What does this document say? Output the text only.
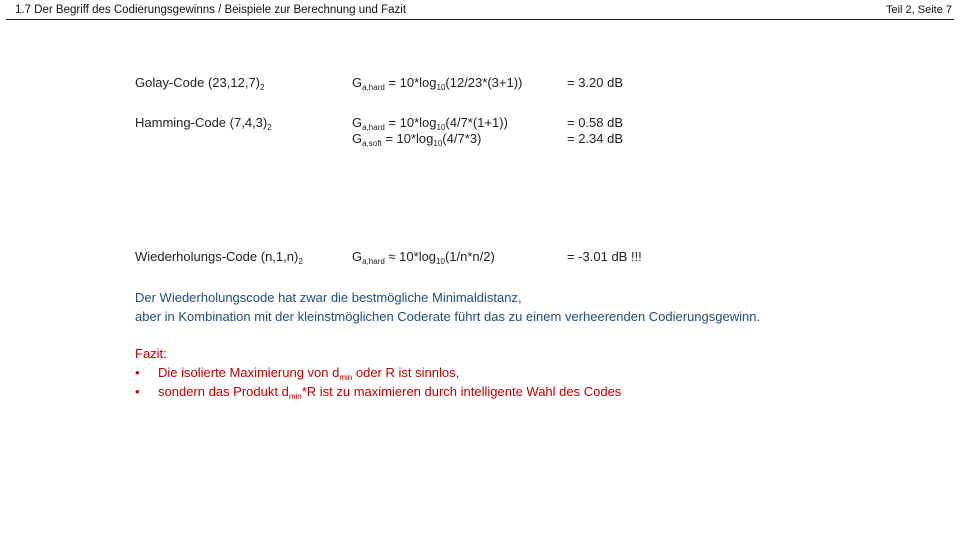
1.7 Der Begriff des Codierungsgewinns / Beispiele zur Berechnung und Fazit	Teil 2, Seite 7
Golay-Code $(23,12,7)_2$	$G_{a,hard} = 10*\log_{10}(12/23*(3+1))$	= 3.20 dB
Hamming-Code $(7,4,3)_2$	$G_{a,hard} = 10*\log_{10}(4/7*(1+1))$	= 0.58 dB
$G_{a,soft} = 10*\log_{10}(4/7*3)$	= 2.34 dB
Wiederholungs-Code $(n,1,n)_2$	$G_{a,hard} \approx 10*\log_{10}(1/n*n/2)$	= -3.01 dB !!!
Der Wiederholungscode hat zwar die bestmögliche Minimaldistanz,
aber in Kombination mit der kleinstmöglichen Coderate führt das zu einem verheerenden Codierungsgewinn.
Fazit:
• Die isolierte Maximierung von $d_{min}$ oder R ist sinnlos,
• sondern das Produkt $d_{min}*R$ ist zu maximieren durch intelligente Wahl des Codes
